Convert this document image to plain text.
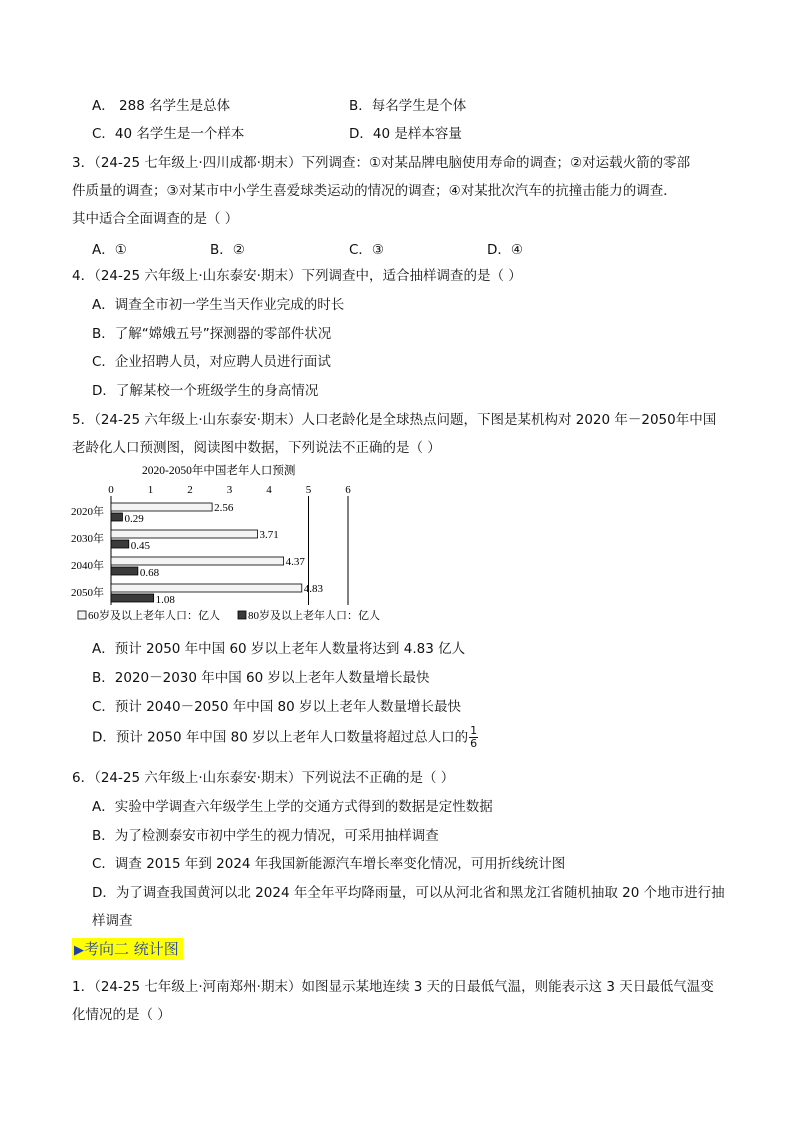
A． 288 名学生是总体	B．每名学生是个体
C．40 名学生是一个样本	D．40 是样本容量
3．（24-25 七年级上·四川成都·期末）下列调查：①对某品牌电脑使用寿命的调查；②对运载火箭的零部
件质量的调查；③对某市中小学生喜爱球类运动的情况的调查；④对某批次汽车的抗撞击能力的调查．
其中适合全面调查的是（ ）
A．①	B．②	C．③	D．④
4．（24-25 六年级上·山东泰安·期末）下列调查中，适合抽样调查的是（ ）
A．调查全市初一学生当天作业完成的时长
B．了解“嫦娥五号”探测器的零部件状况
C．企业招聘人员，对应聘人员进行面试
D．了解某校一个班级学生的身高情况
5．（24-25 六年级上·山东泰安·期末）人口老龄化是全球热点问题，下图是某机构对 2020 年－2050年中国
老龄化人口预测图，阅读图中数据，下列说法不正确的是（ ）
2020-2050年中国老年人口预测
0	1	2	3	4	5	6
2020年	2.56
0.29
2030年	3.71
0.45
2040年	4.37
0.68
2050年	4.83
1.08
60岁及以上老年人口：亿人	80岁及以上老年人口：亿人
A．预计 2050 年中国 60 岁以上老年人数量将达到 4.83 亿人
B．2020－2030 年中国 60 岁以上老年人数量增长最快
C．预计 2040－2050 年中国 80 岁以上老年人数量增长最快
D．预计 2050 年中国 80 岁以上老年人口数量将超过总人口的 $\frac{1}{6}$
6．（24-25 六年级上·山东泰安·期末）下列说法不正确的是（ ）
A．实验中学调查六年级学生上学的交通方式得到的数据是定性数据
B．为了检测泰安市初中学生的视力情况，可采用抽样调查
C．调查 2015 年到 2024 年我国新能源汽车增长率变化情况，可用折线统计图
D．为了调查我国黄河以北 2024 年全年平均降雨量，可以从河北省和黑龙江省随机抽取 20 个地市进行抽
样调查
▶考向二 统计图
1．（24-25 七年级上·河南郑州·期末）如图显示某地连续 3 天的日最低气温，则能表示这 3 天日最低气温变
化情况的是（ ）
